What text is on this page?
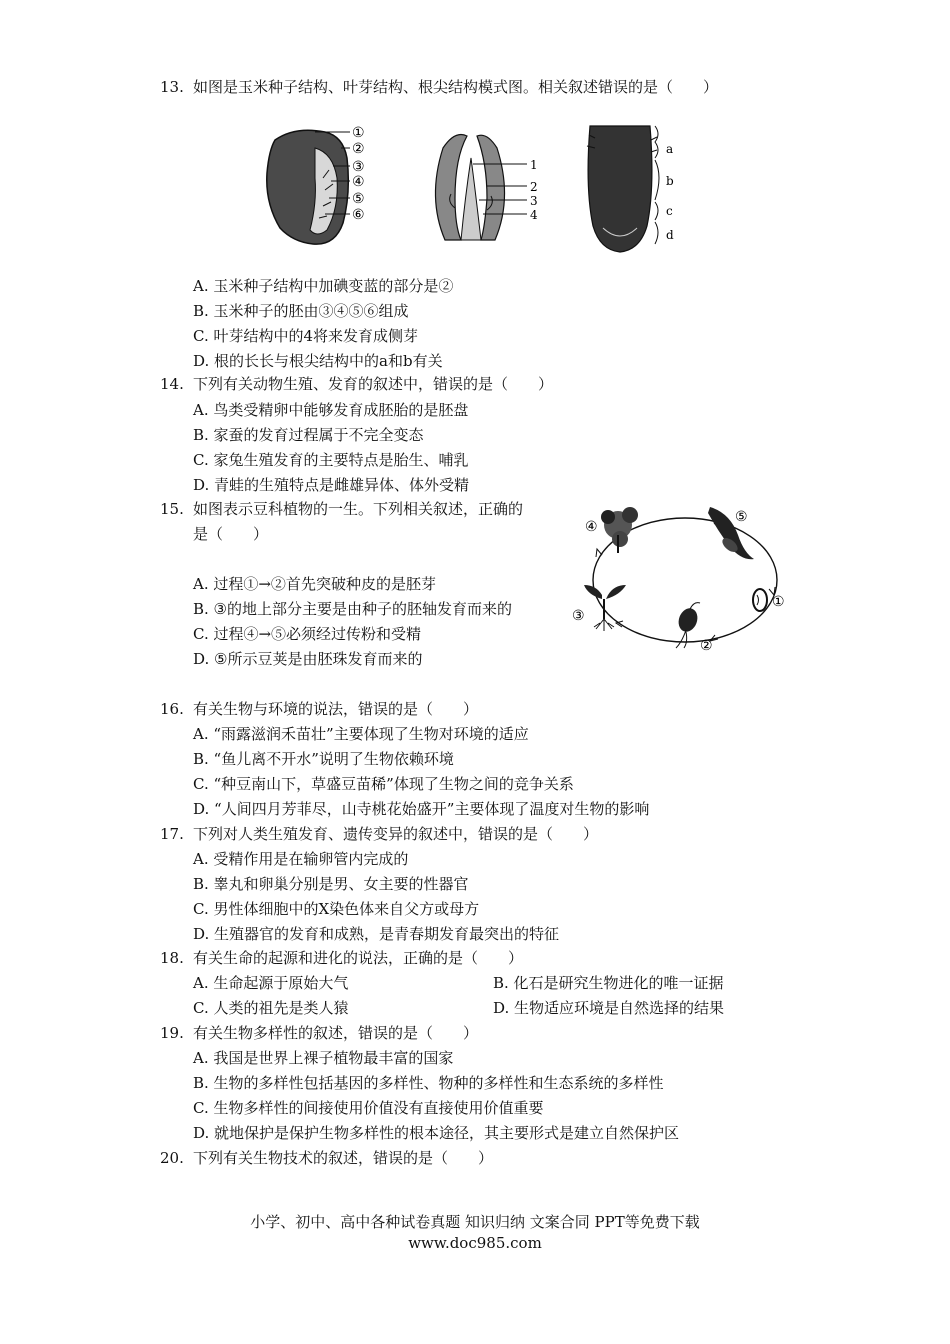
13. 如图是玉米种子结构、叶芽结构、根尖结构模式图。相关叙述错误的是（　　）
①
②
③
④
⑤
⑥
1
2
3
4
a
b
c
d
A. 玉米种子结构中加碘变蓝的部分是②
B. 玉米种子的胚由③④⑤⑥组成
C. 叶芽结构中的4将来发育成侧芽
D. 根的长长与根尖结构中的a和b有关
14. 下列有关动物生殖、发育的叙述中，错误的是（　　）
A. 鸟类受精卵中能够发育成胚胎的是胚盘
B. 家蚕的发育过程属于不完全变态
C. 家兔生殖发育的主要特点是胎生、哺乳
D. 青蛙的生殖特点是雌雄异体、体外受精
15. 如图表示豆科植物的一生。下列相关叙述，正确的
是（　　）
A. 过程①→②首先突破种皮的是胚芽
B. ③的地上部分主要是由种子的胚轴发育而来的
C. 过程④→⑤必须经过传粉和受精
D. ⑤所示豆荚是由胚珠发育而来的
④
⑤
①
②
③
16. 有关生物与环境的说法，错误的是（　　）
A. “雨露滋润禾苗壮”主要体现了生物对环境的适应
B. “鱼儿离不开水”说明了生物依赖环境
C. “种豆南山下，草盛豆苗稀”体现了生物之间的竞争关系
D. “人间四月芳菲尽，山寺桃花始盛开”主要体现了温度对生物的影响
17. 下列对人类生殖发育、遗传变异的叙述中，错误的是（　　）
A. 受精作用是在输卵管内完成的
B. 睾丸和卵巢分别是男、女主要的性器官
C. 男性体细胞中的X染色体来自父方或母方
D. 生殖器官的发育和成熟，是青春期发育最突出的特征
18. 有关生命的起源和进化的说法，正确的是（　　）
A. 生命起源于原始大气	B. 化石是研究生物进化的唯一证据
C. 人类的祖先是类人猿	D. 生物适应环境是自然选择的结果
19. 有关生物多样性的叙述，错误的是（　　）
A. 我国是世界上裸子植物最丰富的国家
B. 生物的多样性包括基因的多样性、物种的多样性和生态系统的多样性
C. 生物多样性的间接使用价值没有直接使用价值重要
D. 就地保护是保护生物多样性的根本途径，其主要形式是建立自然保护区
20. 下列有关生物技术的叙述，错误的是（　　）
小学、初中、高中各种试卷真题 知识归纳 文案合同 PPT等免费下载
www.doc985.com
